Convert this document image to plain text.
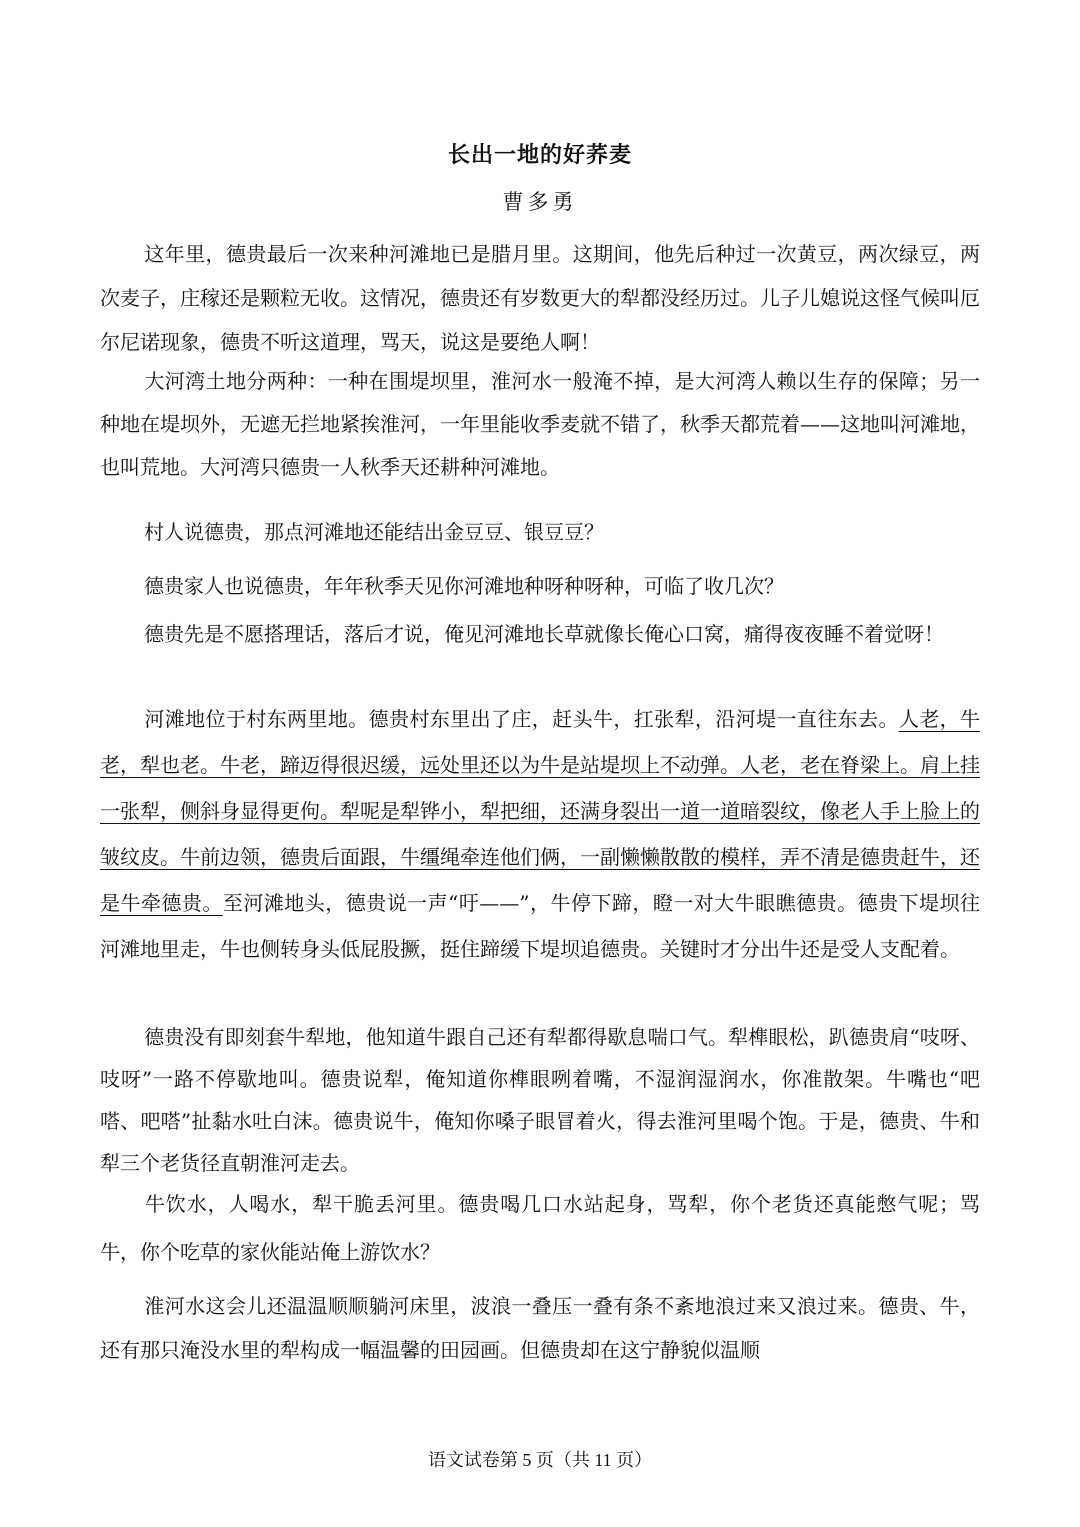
长出一地的好荞麦
曹多勇

这年里，德贵最后一次来种河滩地已是腊月里。这期间，他先后种过一次黄豆，两次绿豆，两次麦子，庄稼还是颗粒无收。这情况，德贵还有岁数更大的犁都没经历过。儿子儿媳说这怪气候叫厄尔尼诺现象，德贵不听这道理，骂天，说这是要绝人啊！

大河湾土地分两种：一种在围堤坝里，淮河水一般淹不掉，是大河湾人赖以生存的保障；另一种地在堤坝外，无遮无拦地紧挨淮河，一年里能收季麦就不错了，秋季天都荒着——这地叫河滩地，也叫荒地。大河湾只德贵一人秋季天还耕种河滩地。

村人说德贵，那点河滩地还能结出金豆豆、银豆豆？

德贵家人也说德贵，年年秋季天见你河滩地种呀种呀种，可临了收几次？

德贵先是不愿搭理话，落后才说，俺见河滩地长草就像长俺心口窝，痛得夜夜睡不着觉呀！

河滩地位于村东两里地。德贵村东里出了庄，赶头牛，扛张犁，沿河堤一直往东去。人老，牛老，犁也老。牛老，蹄迈得很迟缓，远处里还以为牛是站堤坝上不动弹。人老，老在脊梁上。肩上挂一张犁，侧斜身显得更佝。犁呢是犁铧小，犁把细，还满身裂出一道一道暗裂纹，像老人手上脸上的皱纹皮。牛前边领，德贵后面跟，牛缰绳牵连他们俩，一副懒懒散散的模样，弄不清是德贵赶牛，还是牛牵德贵。至河滩地头，德贵说一声“吁——”，牛停下蹄，瞪一对大牛眼瞧德贵。德贵下堤坝往河滩地里走，牛也侧转身头低屁股撅，挺住蹄缓下堤坝追德贵。关键时才分出牛还是受人支配着。

德贵没有即刻套牛犁地，他知道牛跟自己还有犁都得歇息喘口气。犁榫眼松，趴德贵肩“吱呀、吱呀”一路不停歇地叫。德贵说犁，俺知道你榫眼咧着嘴，不湿润湿润水，你准散架。牛嘴也“吧嗒、吧嗒”扯黏水吐白沫。德贵说牛，俺知你嗓子眼冒着火，得去淮河里喝个饱。于是，德贵、牛和犁三个老货径直朝淮河走去。

牛饮水，人喝水，犁干脆丢河里。德贵喝几口水站起身，骂犁，你个老货还真能憋气呢；骂牛，你个吃草的家伙能站俺上游饮水？

淮河水这会儿还温温顺顺躺河床里，波浪一叠压一叠有条不紊地浪过来又浪过来。德贵、牛，还有那只淹没水里的犁构成一幅温馨的田园画。但德贵却在这宁静貌似温顺

语文试卷第 5 页（共 11 页）
